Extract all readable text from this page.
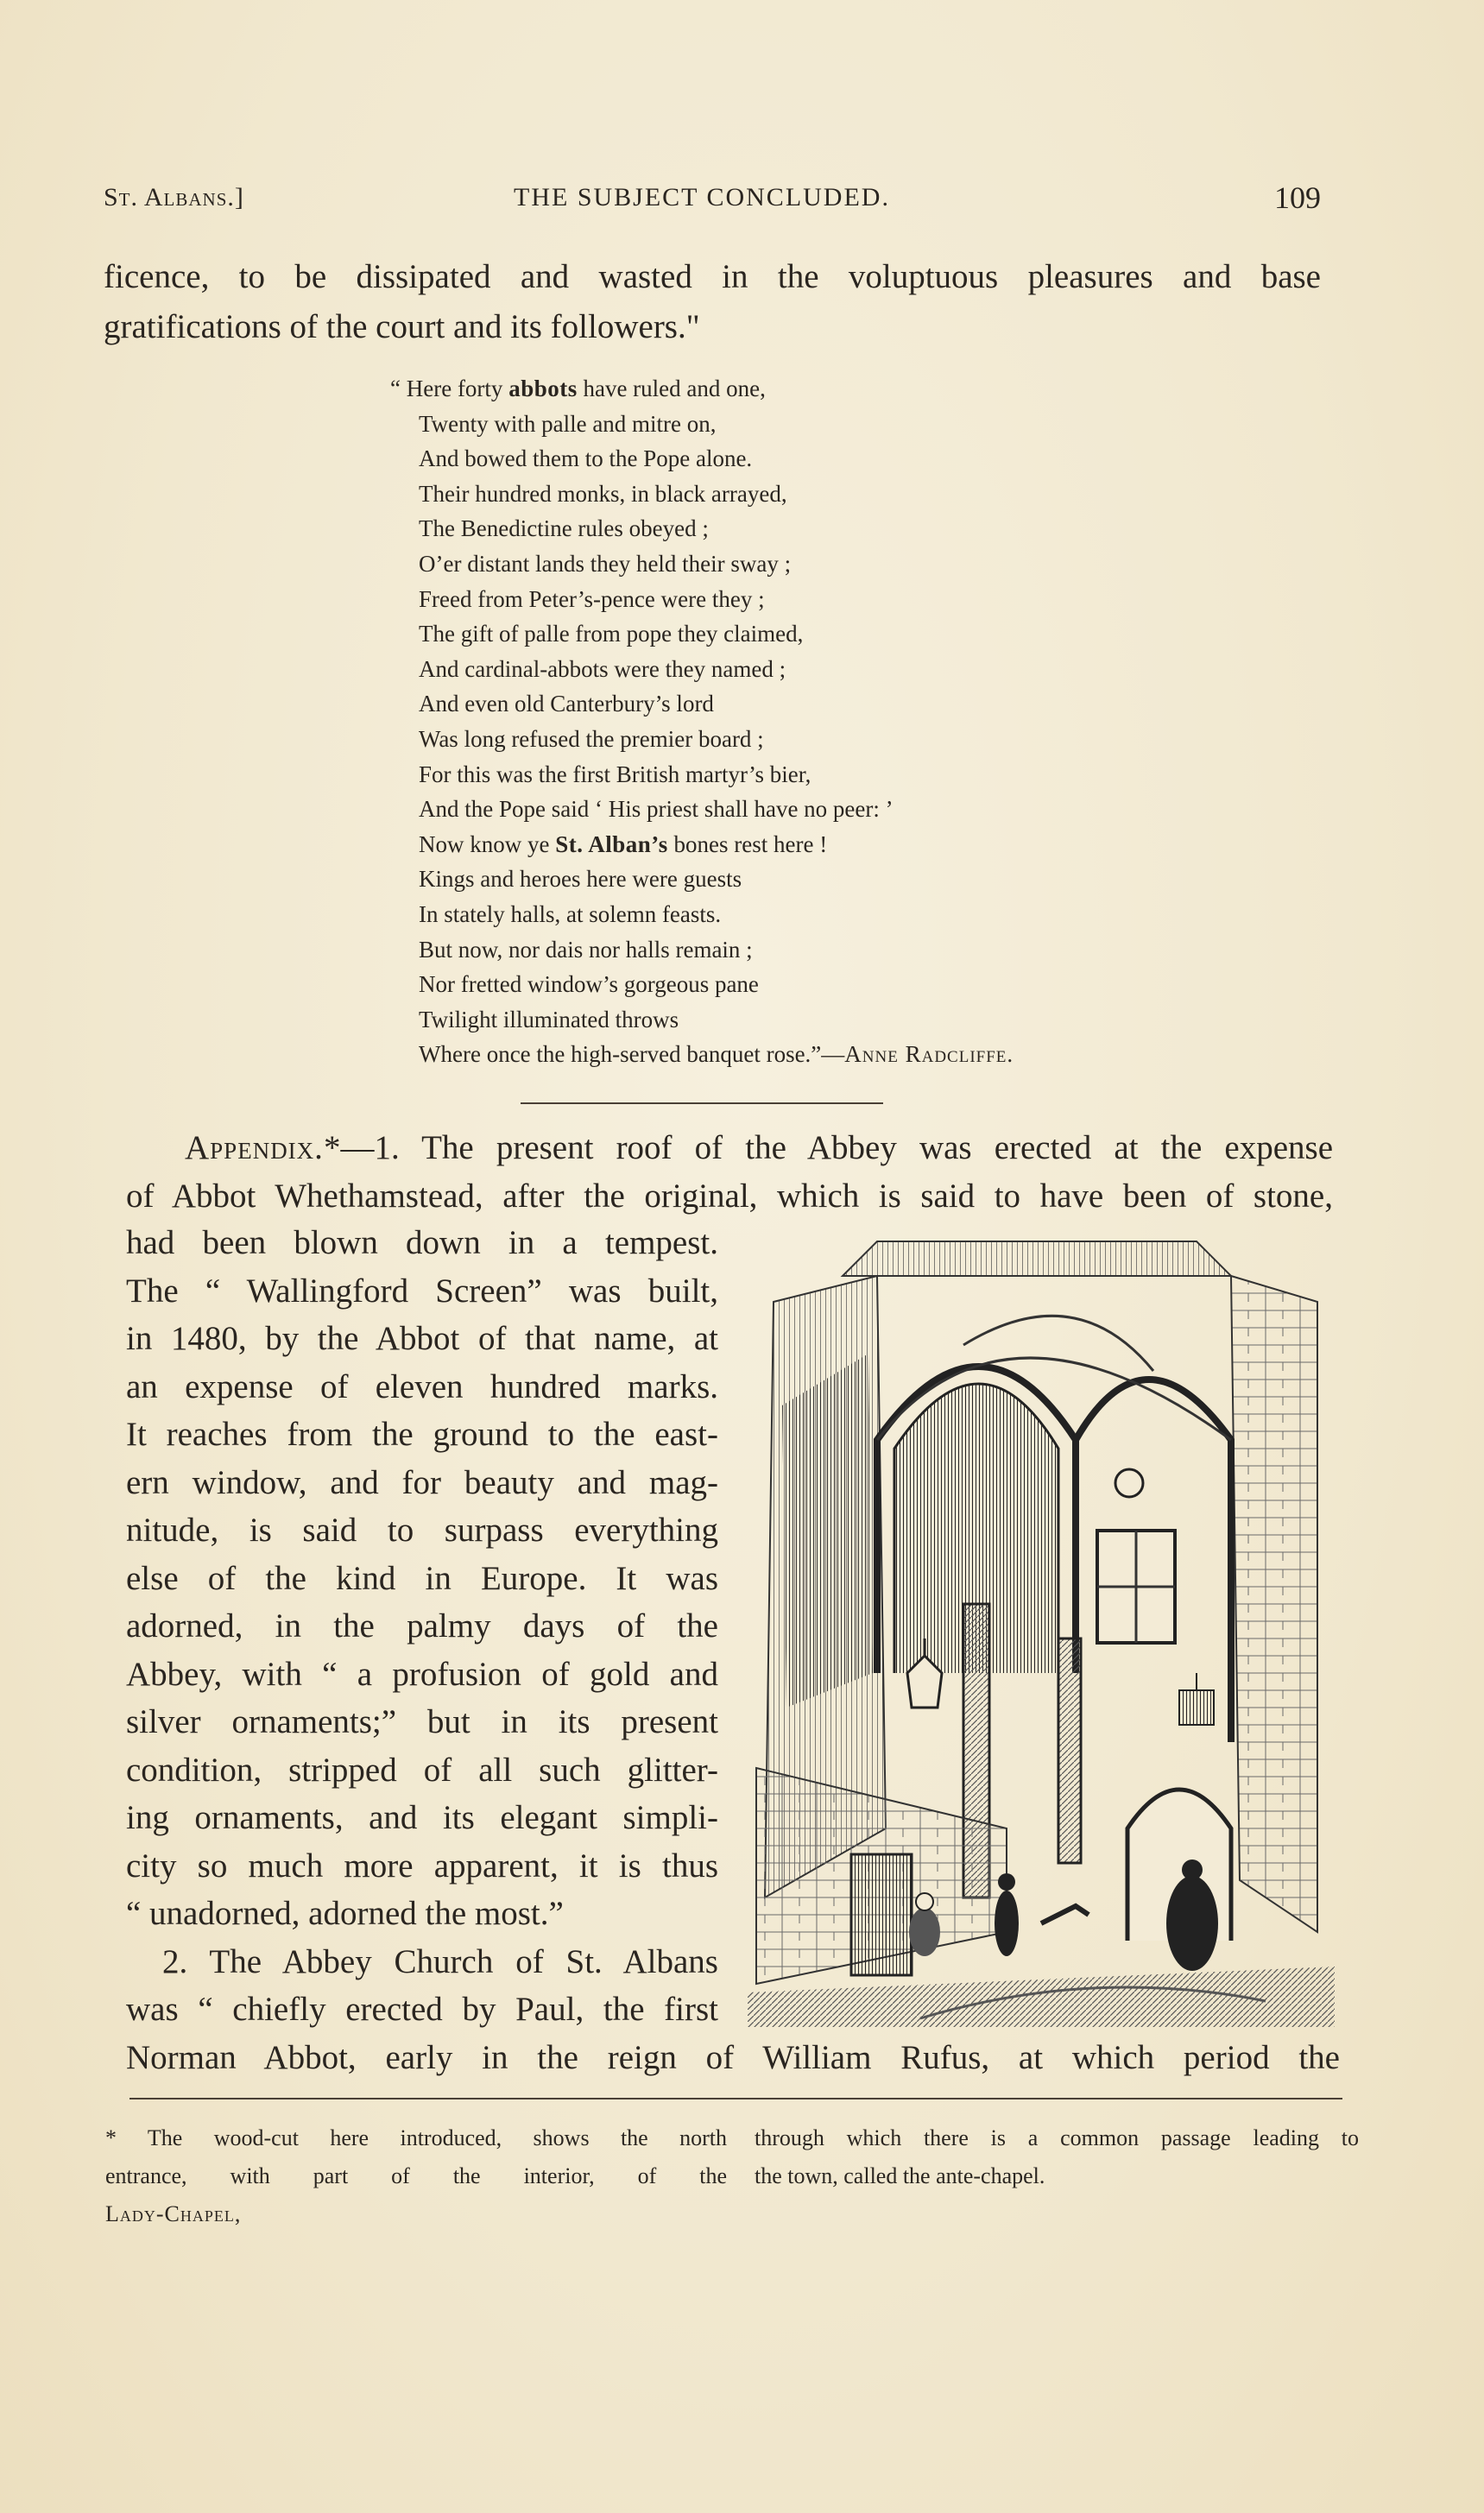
St. Albans.]	THE SUBJECT CONCLUDED.	109
ficence, to be dissipated and wasted in the voluptuous pleasures and base
gratifications of the court and its followers."
“ Here forty abbots have ruled and one,
Twenty with palle and mitre on,
And bowed them to the Pope alone.
Their hundred monks, in black arrayed,
The Benedictine rules obeyed ;
O’er distant lands they held their sway ;
Freed from Peter’s-pence were they ;
The gift of palle from pope they claimed,
And cardinal-abbots were they named ;
And even old Canterbury’s lord
Was long refused the premier board ;
For this was the first British martyr’s bier,
And the Pope said ‘ His priest shall have no peer: ’
Now know ye St. Alban’s bones rest here !
Kings and heroes here were guests
In stately halls, at solemn feasts.
But now, nor dais nor halls remain ;
Nor fretted window’s gorgeous pane
Twilight illuminated throws
Where once the high-served banquet rose.”—Anne Radcliffe.
Appendix.*—1. The present roof of the Abbey was erected at the expense
of Abbot Whethamstead, after the original, which is said to have been of stone,
had been blown down in a tempest.
The “ Wallingford Screen” was built,
in 1480, by the Abbot of that name, at
an expense of eleven hundred marks.
It reaches from the ground to the east-
ern window, and for beauty and mag-
nitude, is said to surpass everything
else of the kind in Europe. It was
adorned, in the palmy days of the
Abbey, with “ a profusion of gold and
silver ornaments;” but in its present
condition, stripped of all such glitter-
ing ornaments, and its elegant simpli-
city so much more apparent, it is thus
“ unadorned, adorned the most.”
2. The Abbey Church of St. Albans
was “ chiefly erected by Paul, the first
Norman Abbot, early in the reign of William Rufus, at which period the
* The wood-cut here introduced, shows the north
entrance, with part of the interior, of the
Lady-Chapel,
through which there is a common passage leading to
the town, called the ante-chapel.
